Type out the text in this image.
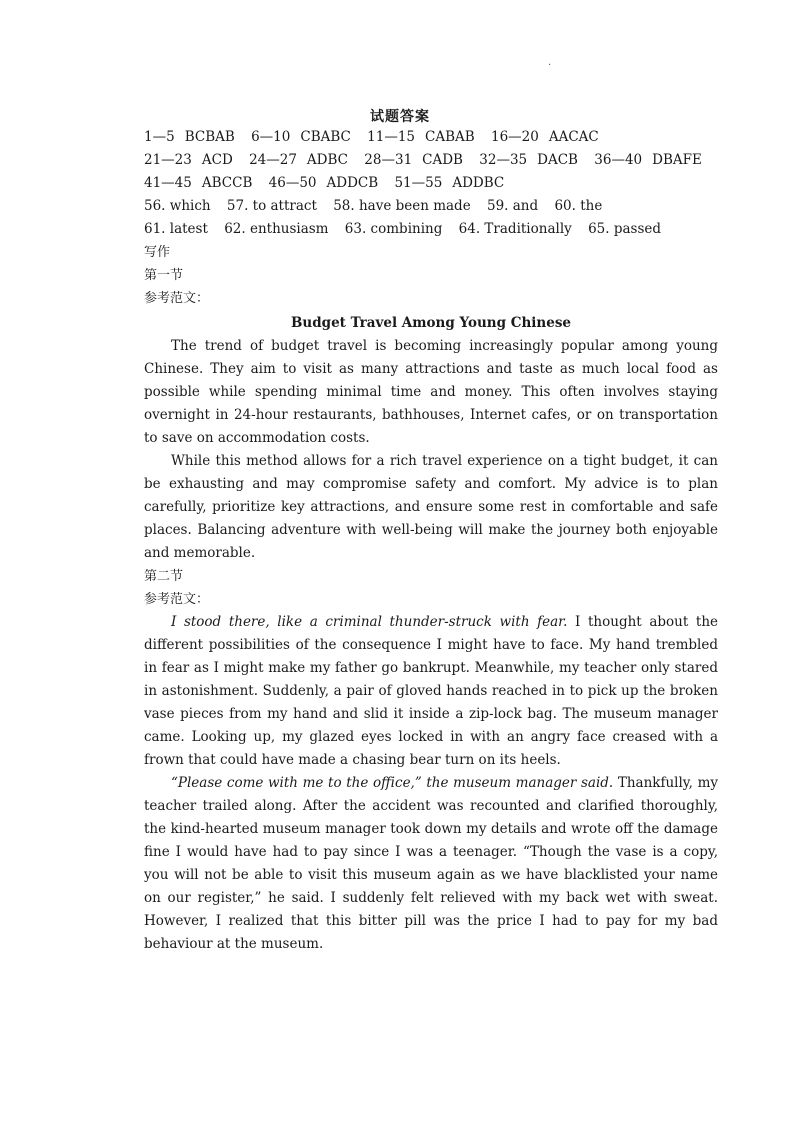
·
试题答案
1—5 BCBAB 6—10 CBABC 11—15 CABAB 16—20 AACAC
21—23 ACD 24—27 ADBC 28—31 CADB 32—35 DACB 36—40 DBAFE
41—45 ABCCB 46—50 ADDCB 51—55 ADDBC
56. which 57. to attract 58. have been made 59. and 60. the
61. latest 62. enthusiasm 63. combining 64. Traditionally 65. passed
写作
第一节
参考范文：
Budget Travel Among Young Chinese

The trend of budget travel is becoming increasingly popular among young Chinese. They aim to visit as many attractions and taste as much local food as possible while spending minimal time and money. This often involves staying overnight in 24-hour restaurants, bathhouses, Internet cafes, or on transportation to save on accommodation costs.

While this method allows for a rich travel experience on a tight budget, it can be exhausting and may compromise safety and comfort. My advice is to plan carefully, prioritize key attractions, and ensure some rest in comfortable and safe places. Balancing adventure with well-being will make the journey both enjoyable and memorable.

第二节
参考范文：

I stood there, like a criminal thunder-struck with fear. I thought about the different possibilities of the consequence I might have to face. My hand trembled in fear as I might make my father go bankrupt. Meanwhile, my teacher only stared in astonishment. Suddenly, a pair of gloved hands reached in to pick up the broken vase pieces from my hand and slid it inside a zip-lock bag. The museum manager came. Looking up, my glazed eyes locked in with an angry face creased with a frown that could have made a chasing bear turn on its heels.

“Please come with me to the office,” the museum manager said. Thankfully, my teacher trailed along. After the accident was recounted and clarified thoroughly, the kind-hearted museum manager took down my details and wrote off the damage fine I would have had to pay since I was a teenager. “Though the vase is a copy, you will not be able to visit this museum again as we have blacklisted your name on our register,” he said. I suddenly felt relieved with my back wet with sweat. However, I realized that this bitter pill was the price I had to pay for my bad behaviour at the museum.
